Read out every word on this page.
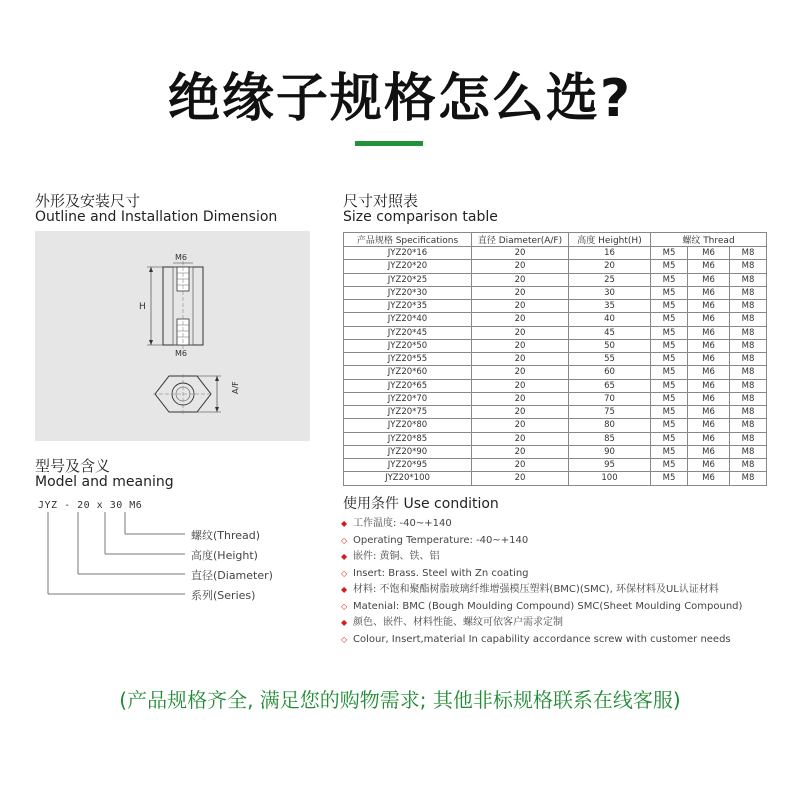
绝缘子规格怎么选?
外形及安装尺寸
Outline and Installation Dimension
M6
M6
H
A/F
型号及含义
Model and meaning
JYZ - 20 x 30 M6
螺纹(Thread)
高度(Height)
直径(Diameter)
系列(Series)
尺寸对照表
Size comparison table
产品规格 Specifications	直径 Diameter(A/F)	高度 Height(H)	螺纹 Thread		
JYZ20*16	20	16	M5	M6	M8
JYZ20*20	20	20	M5	M6	M8
JYZ20*25	20	25	M5	M6	M8
JYZ20*30	20	30	M5	M6	M8
JYZ20*35	20	35	M5	M6	M8
JYZ20*40	20	40	M5	M6	M8
JYZ20*45	20	45	M5	M6	M8
JYZ20*50	20	50	M5	M6	M8
JYZ20*55	20	55	M5	M6	M8
JYZ20*60	20	60	M5	M6	M8
JYZ20*65	20	65	M5	M6	M8
JYZ20*70	20	70	M5	M6	M8
JYZ20*75	20	75	M5	M6	M8
JYZ20*80	20	80	M5	M6	M8
JYZ20*85	20	85	M5	M6	M8
JYZ20*90	20	90	M5	M6	M8
JYZ20*95	20	95	M5	M6	M8
JYZ20*100	20	100	M5	M6	M8
使用条件 Use condition
◆ 工作温度: -40~+140
◇ Operating Temperature: -40~+140
◆ 嵌件: 黄铜、铁、铝
◇ Insert: Brass. Steel with Zn coating
◆ 材料: 不饱和聚酯树脂玻璃纤维增强模压塑料(BMC)(SMC), 环保材料及UL认证材料
◇ Matenial: BMC (Bough Moulding Compound) SMC(Sheet Moulding Compound)
◆ 颜色、嵌件、材料性能、螺纹可依客户需求定制
◇ Colour, Insert,material In capability accordance screw with customer needs
(产品规格齐全, 满足您的购物需求; 其他非标规格联系在线客服)
